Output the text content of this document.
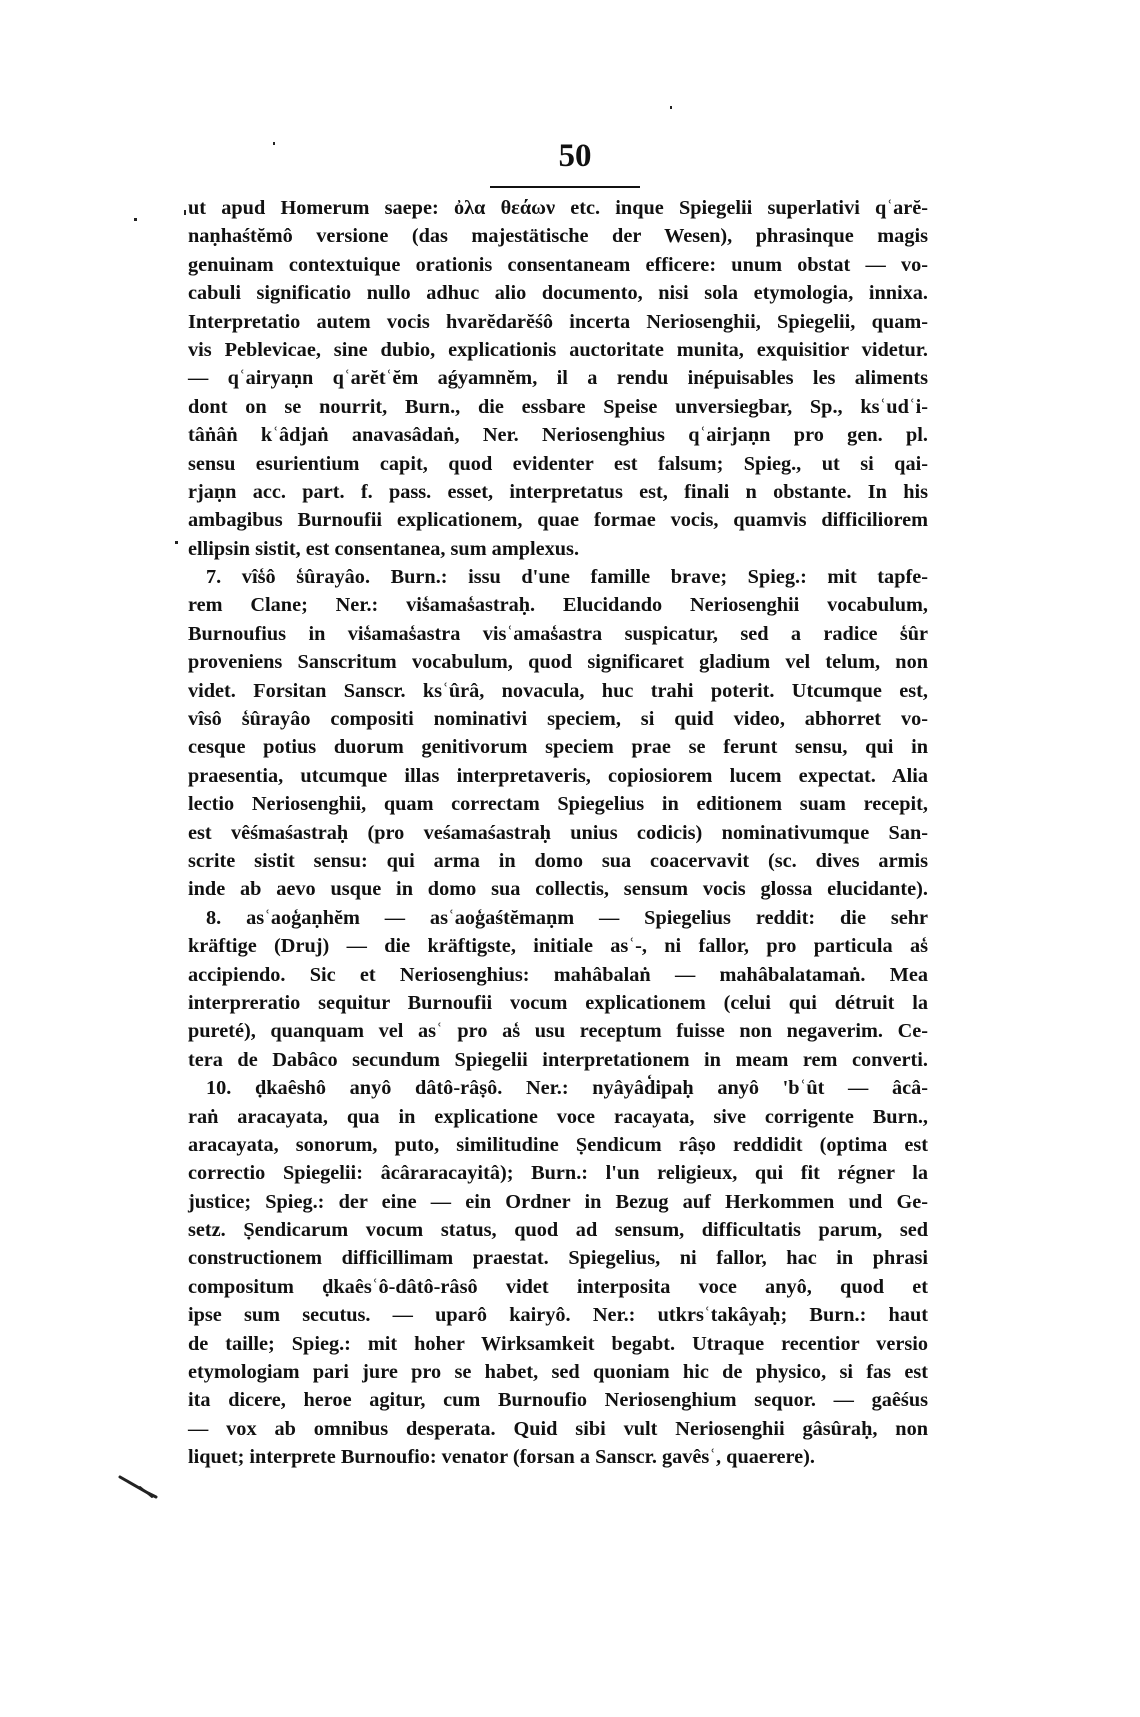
50
ut apud Homerum saepe: ὀλα θεάων etc. inque Spiegelii superlativi qʿarĕ-
naṇhaśtĕmô versione (das majestätische der Wesen), phrasinque magis
genuinam contextuique orationis consentaneam efficere: unum obstat — vo-
cabuli significatio nullo adhuc alio documento, nisi sola etymologia, innixa.
Interpretatio autem vocis hvarĕdarĕśô incerta Neriosenghii, Spiegelii, quam-
vis Peblevicae, sine dubio, explicationis auctoritate munita, exquisitior videtur.
— qʿairyaṇn qʿarĕtʿĕm aǵyamnĕm, il a rendu inépuisables les aliments
dont on se nourrit, Burn., die essbare Speise unversiegbar, Sp., ksʿudʿi-
tâṅâṅ kʿâdjaṅ anavasâdaṅ, Ner. Neriosenghius qʿairjaṇn pro gen. pl.
sensu esurientium capit, quod evidenter est falsum; Spieg., ut si qai-
rjaṇn acc. part. f. pass. esset, interpretatus est, finali n obstante. In his
ambagibus Burnoufii explicationem, quae formae vocis, quamvis difficiliorem
ellipsin sistit, est consentanea, sum amplexus.
7. vîs̒ô s̒ûrayâo. Burn.: issu d'une famille brave; Spieg.: mit tapfe-
rem Clane; Ner.: vis̒amas̒astraḥ. Elucidando Neriosenghii vocabulum,
Burnoufius in vis̒amas̒astra visʿamas̒astra suspicatur, sed a radice s̒ûr
proveniens Sanscritum vocabulum, quod significaret gladium vel telum, non
videt. Forsitan Sanscr. ksʿûrâ, novacula, huc trahi poterit. Utcumque est,
vîsô s̒ûrayâo compositi nominativi speciem, si quid video, abhorret vo-
cesque potius duorum genitivorum speciem prae se ferunt sensu, qui in
praesentia, utcumque illas interpretaveris, copiosiorem lucem expectat. Alia
lectio Neriosenghii, quam correctam Spiegelius in editionem suam recepit,
est vêśmaśastraḥ (pro veśamaśastraḥ unius codicis) nominativumque San-
scrite sistit sensu: qui arma in domo sua coacervavit (sc. dives armis
inde ab aevo usque in domo sua collectis, sensum vocis glossa elucidante).
8. asʿaog̒aṇhĕm — asʿaog̒aśtĕmaṇm — Spiegelius reddit: die sehr
kräftige (Druj) — die kräftigste, initiale asʿ-, ni fallor, pro particula as̒
accipiendo. Sic et Neriosenghius: mahâbalaṅ — mahâbalatamaṅ. Mea
interpreratio sequitur Burnoufii vocum explicationem (celui qui détruit la
pureté), quanquam vel asʿ pro as̒ usu receptum fuisse non negaverim. Ce-
tera de Dabâco secundum Spiegelii interpretationem in meam rem converti.
10. ḍkaêshô anyô dâtô-râṣô. Ner.: nyâyâd̒ipaḥ anyô 'bʿût — âcâ-
raṅ aracayata, qua in explicatione voce racayata, sive corrigente Burn.,
aracayata, sonorum, puto, similitudine Ṣendicum râṣo reddidit (optima est
correctio Spiegelii: âcâraracayitâ); Burn.: l'un religieux, qui fit régner la
justice; Spieg.: der eine — ein Ordner in Bezug auf Herkommen und Ge-
setz. Ṣendicarum vocum status, quod ad sensum, difficultatis parum, sed
constructionem difficillimam praestat. Spiegelius, ni fallor, hac in phrasi
compositum ḍkaêsʿô-dâtô-râsô videt interposita voce anyô, quod et
ipse sum secutus. — uparô kairyô. Ner.: utkrsʿtakâyaḥ; Burn.: haut
de taille; Spieg.: mit hoher Wirksamkeit begabt. Utraque recentior versio
etymologiam pari jure pro se habet, sed quoniam hic de physico, si fas est
ita dicere, heroe agitur, cum Burnoufio Neriosenghium sequor. — gaêśus
— vox ab omnibus desperata. Quid sibi vult Neriosenghii gâsûraḥ, non
liquet; interprete Burnoufio: venator (forsan a Sanscr. gavêsʿ, quaerere).
